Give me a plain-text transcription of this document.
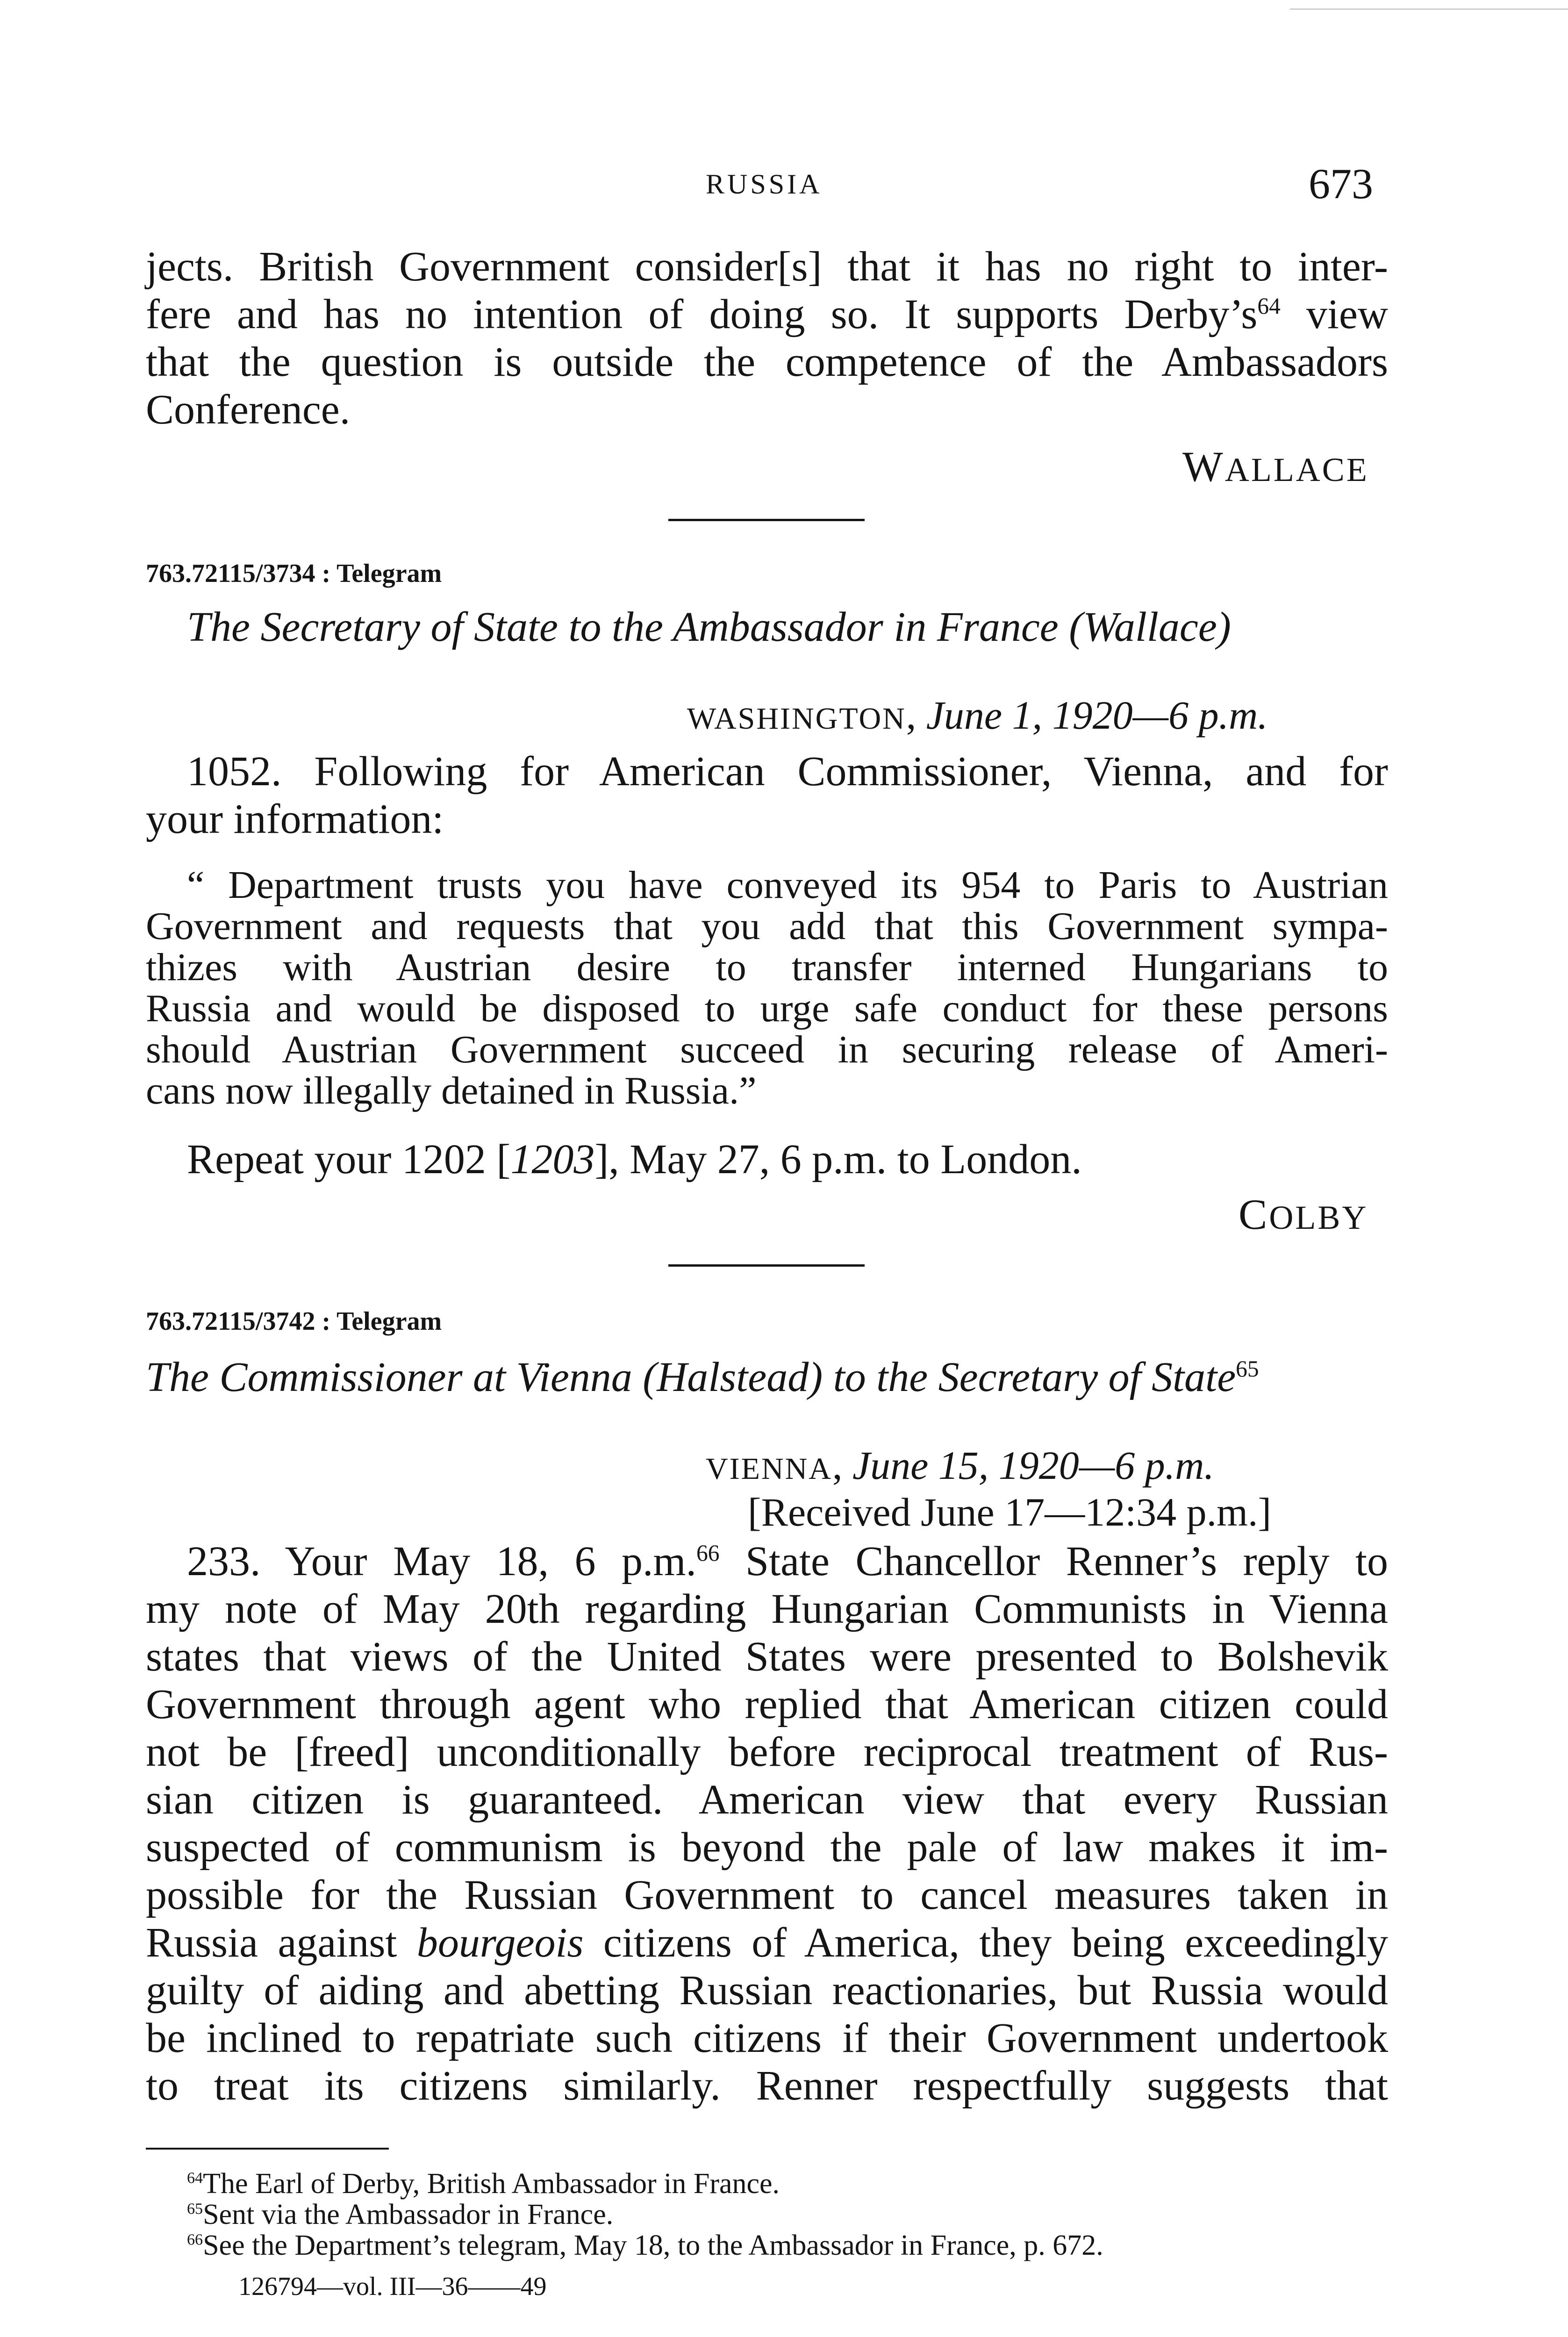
RUSSIA	673
jects. British Government consider[s] that it has no right to inter-
fere and has no intention of doing so. It supports $Derby’s^{64}$ view
that the question is outside the competence of the Ambassadors
Conference.
WALLACE
763.72115/3734 : Telegram
The Secretary of State to the Ambassador in France (Wallace)
WASHINGTON, June 1, 1920—6 p.m.
1052. Following for American Commissioner, Vienna, and for
your information:
“ Department trusts you have conveyed its 954 to Paris to Austrian
Government and requests that you add that this Government sympa-
thizes with Austrian desire to transfer interned Hungarians to
Russia and would be disposed to urge safe conduct for these persons
should Austrian Government succeed in securing release of Ameri-
cans now illegally detained in Russia.”
Repeat your 1202 [1203], May 27, 6 p.m. to London.
COLBY
763.72115/3742 : Telegram
The Commissioner at Vienna (Halstead) to the Secretary of State$^{65}$
VIENNA, June 15, 1920—6 p.m.
[Received June 17—12:34 p.m.]
233. Your May 18, 6 p.m.$^{66}$ State Chancellor Renner’s reply to
my note of May 20th regarding Hungarian Communists in Vienna
states that views of the United States were presented to Bolshevik
Government through agent who replied that American citizen could
not be [freed] unconditionally before reciprocal treatment of Rus-
sian citizen is guaranteed. American view that every Russian
suspected of communism is beyond the pale of law makes it im-
possible for the Russian Government to cancel measures taken in
Russia against bourgeois citizens of America, they being exceedingly
guilty of aiding and abetting Russian reactionaries, but Russia would
be inclined to repatriate such citizens if their Government undertook
to treat its citizens similarly. Renner respectfully suggests that
$^{64}$The Earl of Derby, British Ambassador in France.
$^{65}$Sent via the Ambassador in France.
$^{66}$See the Department’s telegram, May 18, to the Ambassador in France, p. 672.
126794—vol. III—36——49
